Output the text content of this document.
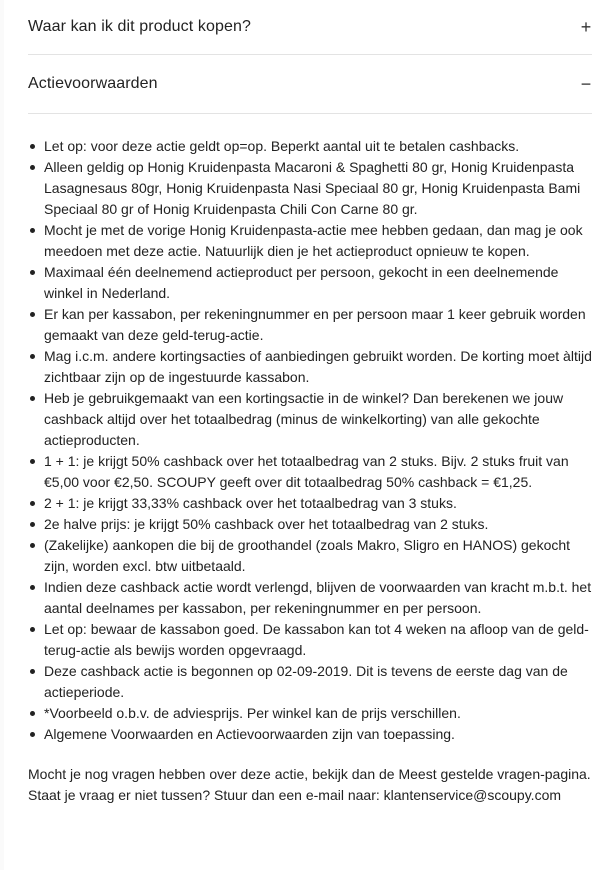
Waar kan ik dit product kopen?	+
Actievoorwaarden	−
Let op: voor deze actie geldt op=op. Beperkt aantal uit te betalen cashbacks.
Alleen geldig op Honig Kruidenpasta Macaroni & Spaghetti 80 gr, Honig Kruidenpasta Lasagnesaus 80gr, Honig Kruidenpasta Nasi Speciaal 80 gr, Honig Kruidenpasta Bami Speciaal 80 gr of Honig Kruidenpasta Chili Con Carne 80 gr.
Mocht je met de vorige Honig Kruidenpasta-actie mee hebben gedaan, dan mag je ook meedoen met deze actie. Natuurlijk dien je het actieproduct opnieuw te kopen.
Maximaal één deelnemend actieproduct per persoon, gekocht in een deelnemende winkel in Nederland.
Er kan per kassabon, per rekeningnummer en per persoon maar 1 keer gebruik worden gemaakt van deze geld-terug-actie.
Mag i.c.m. andere kortingsacties of aanbiedingen gebruikt worden. De korting moet àltijd zichtbaar zijn op de ingestuurde kassabon.
Heb je gebruikgemaakt van een kortingsactie in de winkel? Dan berekenen we jouw cashback altijd over het totaalbedrag (minus de winkelkorting) van alle gekochte actieproducten.
1 + 1: je krijgt 50% cashback over het totaalbedrag van 2 stuks. Bijv. 2 stuks fruit van €5,00 voor €2,50. SCOUPY geeft over dit totaalbedrag 50% cashback = €1,25.
2 + 1: je krijgt 33,33% cashback over het totaalbedrag van 3 stuks.
2e halve prijs: je krijgt 50% cashback over het totaalbedrag van 2 stuks.
(Zakelijke) aankopen die bij de groothandel (zoals Makro, Sligro en HANOS) gekocht zijn, worden excl. btw uitbetaald.
Indien deze cashback actie wordt verlengd, blijven de voorwaarden van kracht m.b.t. het aantal deelnames per kassabon, per rekeningnummer en per persoon.
Let op: bewaar de kassabon goed. De kassabon kan tot 4 weken na afloop van de geld-terug-actie als bewijs worden opgevraagd.
Deze cashback actie is begonnen op 02-09-2019. Dit is tevens de eerste dag van de actieperiode.
*Voorbeeld o.b.v. de adviesprijs. Per winkel kan de prijs verschillen.
Algemene Voorwaarden en Actievoorwaarden zijn van toepassing.

Mocht je nog vragen hebben over deze actie, bekijk dan de Meest gestelde vragen-pagina. Staat je vraag er niet tussen? Stuur dan een e-mail naar: klantenservice@scoupy.com
